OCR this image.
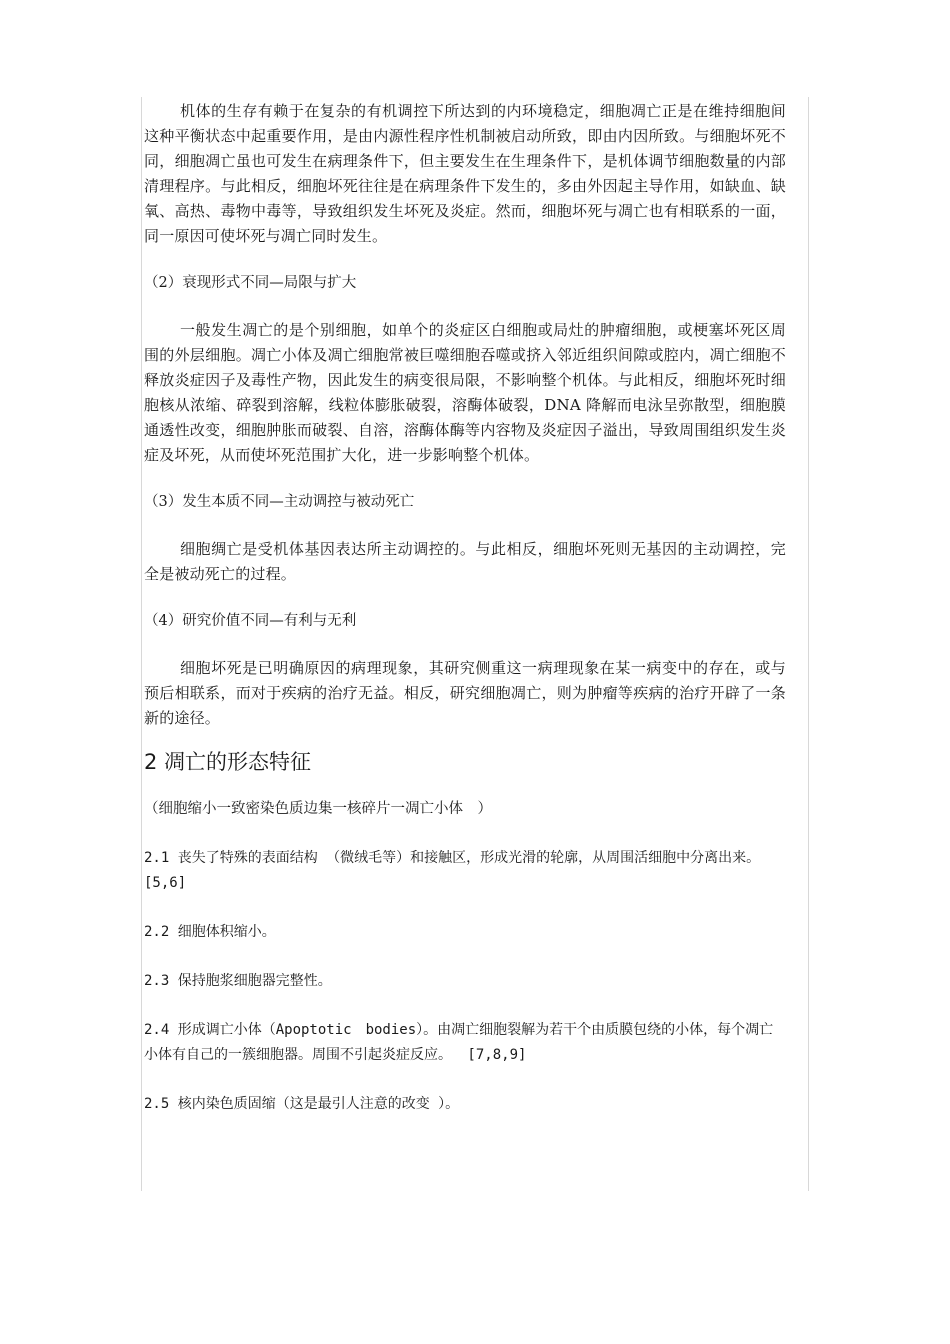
机体的生存有赖于在复杂的有机调控下所达到的内环境稳定，细胞凋亡正是在维持细胞间这种平衡状态中起重要作用，是由内源性程序性机制被启动所致，即由内因所致。与细胞坏死不同，细胞凋亡虽也可发生在病理条件下，但主要发生在生理条件下，是机体调节细胞数量的内部清理程序。与此相反，细胞坏死往往是在病理条件下发生的，多由外因起主导作用，如缺血、缺氧、高热、毒物中毒等，导致组织发生坏死及炎症。然而，细胞坏死与凋亡也有相联系的一面，同一原因可使坏死与凋亡同时发生。

（2）衰现形式不同—局限与扩大

一般发生凋亡的是个别细胞，如单个的炎症区白细胞或局灶的肿瘤细胞，或梗塞坏死区周围的外层细胞。凋亡小体及凋亡细胞常被巨噬细胞吞噬或挤入邻近组织间隙或腔内，凋亡细胞不释放炎症因子及毒性产物，因此发生的病变很局限，不影响整个机体。与此相反，细胞坏死时细胞核从浓缩、碎裂到溶解，线粒体膨胀破裂，溶酶体破裂，DNA 降解而电泳呈弥散型，细胞膜通透性改变，细胞肿胀而破裂、自溶，溶酶体酶等内容物及炎症因子溢出，导致周围组织发生炎症及坏死，从而使坏死范围扩大化，进一步影响整个机体。

（3）发生本质不同—主动调控与被动死亡

细胞绸亡是受机体基因表达所主动调控的。与此相反，细胞坏死则无基因的主动调控，完全是被动死亡的过程。

（4）研究价值不同—有利与无利

细胞坏死是已明确原因的病理现象，其研究侧重这一病理现象在某一病变中的存在，或与预后相联系，而对于疾病的治疗无益。相反，研究细胞凋亡，则为肿瘤等疾病的治疗开辟了一条新的途径。

2 凋亡的形态特征

（细胞缩小一致密染色质边集一核碎片一凋亡小体　）

2.1 丧失了特殊的表面结构 （微绒毛等）和接触区，形成光滑的轮廓，从周围活细胞中分离出来。 [5,6]

2.2 细胞体积缩小。

2.3 保持胞浆细胞器完整性。

2.4 形成调亡小体（Apoptotic　bodies）。由凋亡细胞裂解为若干个由质膜包绕的小体，每个凋亡小体有自己的一簇细胞器。周围不引起炎症反应。　 [7,8,9]

2.5 核内染色质固缩（这是最引人注意的改变 ）。
